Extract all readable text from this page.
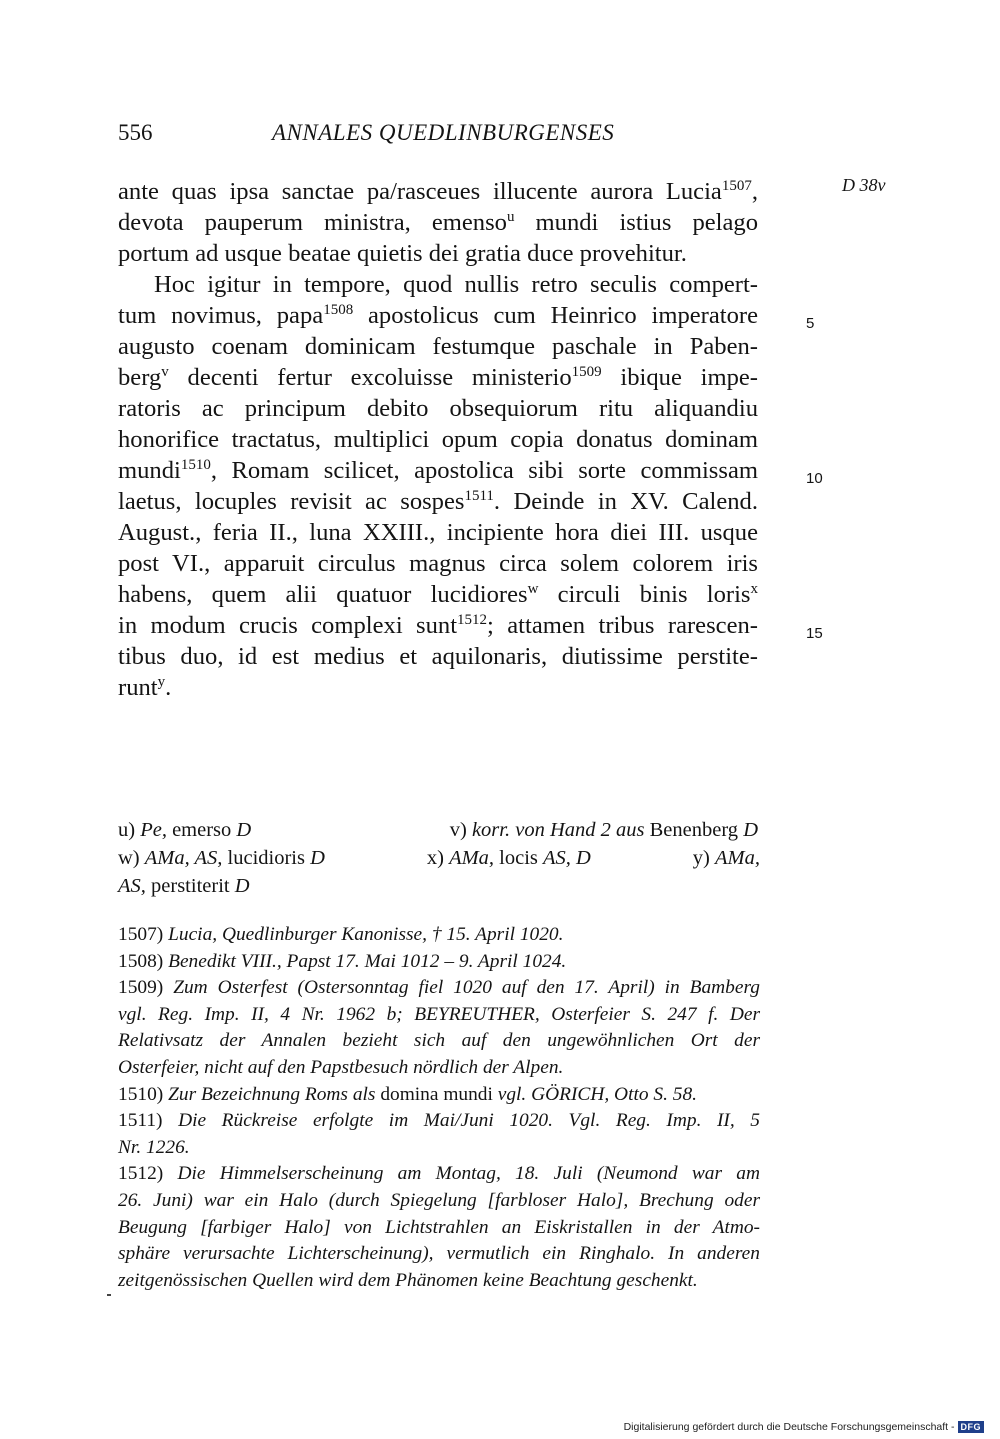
556	ANNALES QUEDLINBURGENSES
D 38v
ante quas ipsa sanctae pa/rasceues illucente aurora Lucia$^{1507}$,
devota pauperum ministra, emenso$^u$ mundi istius pelago
portum ad usque beatae quietis dei gratia duce provehitur.
Hoc igitur in tempore, quod nullis retro seculis compert-
tum novimus, papa$^{1508}$ apostolicus cum Heinrico imperatore
augusto coenam dominicam festumque paschale in Paben-
berg$^v$ decenti fertur excoluisse ministerio$^{1509}$ ibique impe-
ratoris ac principum debito obsequiorum ritu aliquandiu
honorifice tractatus, multiplici opum copia donatus dominam
mundi$^{1510}$, Romam scilicet, apostolica sibi sorte commissam
laetus, locuples revisit ac sospes$^{1511}$. Deinde in XV. Calend.
August., feria II., luna XXIII., incipiente hora diei III. usque
post VI., apparuit circulus magnus circa solem colorem iris
habens, quem alii quatuor lucidiores$^w$ circuli binis loris$^x$
in modum crucis complexi sunt$^{1512}$; attamen tribus rarescen-
tibus duo, id est medius et aquilonaris, diutissime perstite-
runt$^y$.
5
10
15
u) Pe, emerso D	v) korr. von Hand 2 aus Benenberg D
w) AMa, AS, lucidioris D	x) AMa, locis AS, D	y) AMa,
AS, perstiterit D
1507) Lucia, Quedlinburger Kanonisse, † 15. April 1020.
1508) Benedikt VIII., Papst 17. Mai 1012 – 9. April 1024.
1509) Zum Osterfest (Ostersonntag fiel 1020 auf den 17. April) in Bamberg
vgl. Reg. Imp. II, 4 Nr. 1962 b; BEYREUTHER, Osterfeier S. 247 f. Der
Relativsatz der Annalen bezieht sich auf den ungewöhnlichen Ort der
Osterfeier, nicht auf den Papstbesuch nördlich der Alpen.
1510) Zur Bezeichnung Roms als domina mundi vgl. GÖRICH, Otto S. 58.
1511) Die Rückreise erfolgte im Mai/Juni 1020. Vgl. Reg. Imp. II, 5
Nr. 1226.
1512) Die Himmelserscheinung am Montag, 18. Juli (Neumond war am
26. Juni) war ein Halo (durch Spiegelung [farbloser Halo], Brechung oder
Beugung [farbiger Halo] von Lichtstrahlen an Eiskristallen in der Atmo-
sphäre verursachte Lichterscheinung), vermutlich ein Ringhalo. In anderen
zeitgenössischen Quellen wird dem Phänomen keine Beachtung geschenkt.
Digitalisierung gefördert durch die Deutsche Forschungsgemeinschaft - DFG
